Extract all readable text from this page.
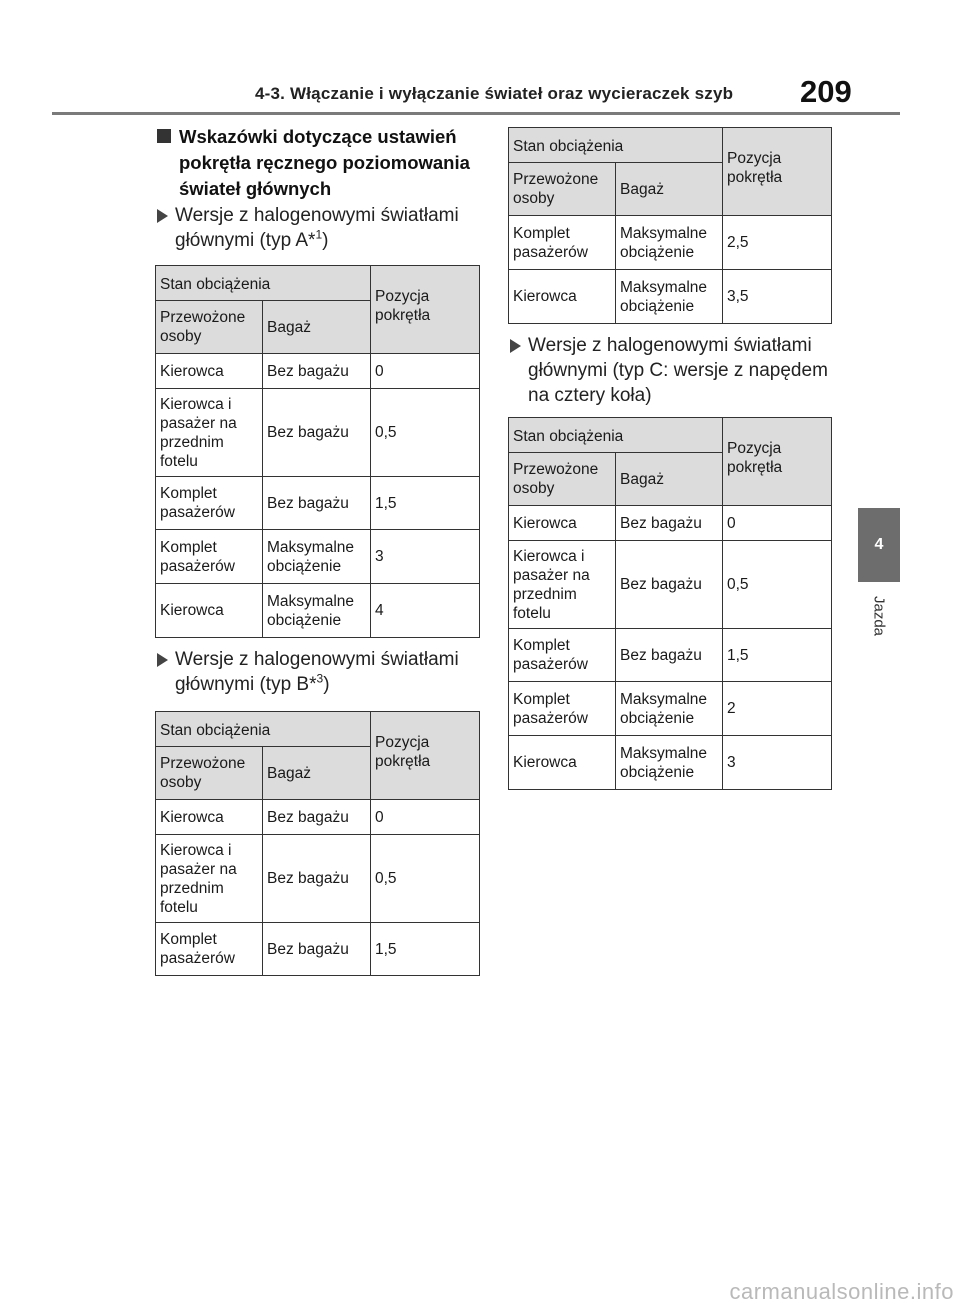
4-3. Włączanie i wyłączanie świateł oraz wycieraczek szyb	209
4
Jazda
Wskazówki dotyczące ustawień pokrętła ręcznego poziomowania świateł głównych
Wersje z halogenowymi światłami głównymi (typ A*$^1$)
Stan obciążenia		Pozycja pokrętła
Przewożone osoby	Bagaż	
Kierowca	Bez bagażu	0
Kierowca i pasażer na przednim fotelu	Bez bagażu	0,5
Komplet pasażerów	Bez bagażu	1,5
Komplet pasażerów	Maksymalne obciążenie	3
Kierowca	Maksymalne obciążenie	4
Wersje z halogenowymi światłami głównymi (typ B*$^3$)
Stan obciążenia		Pozycja pokrętła
Przewożone osoby	Bagaż	
Kierowca	Bez bagażu	0
Kierowca i pasażer na przednim fotelu	Bez bagażu	0,5
Komplet pasażerów	Bez bagażu	1,5
Stan obciążenia		Pozycja pokrętła
Przewożone osoby	Bagaż	
Komplet pasażerów	Maksymalne obciążenie	2,5
Kierowca	Maksymalne obciążenie	3,5
Wersje z halogenowymi światłami głównymi (typ C: wersje z napędem na cztery koła)
Stan obciążenia		Pozycja pokrętła
Przewożone osoby	Bagaż	
Kierowca	Bez bagażu	0
Kierowca i pasażer na przednim fotelu	Bez bagażu	0,5
Komplet pasażerów	Bez bagażu	1,5
Komplet pasażerów	Maksymalne obciążenie	2
Kierowca	Maksymalne obciążenie	3
carmanualsonline.info
